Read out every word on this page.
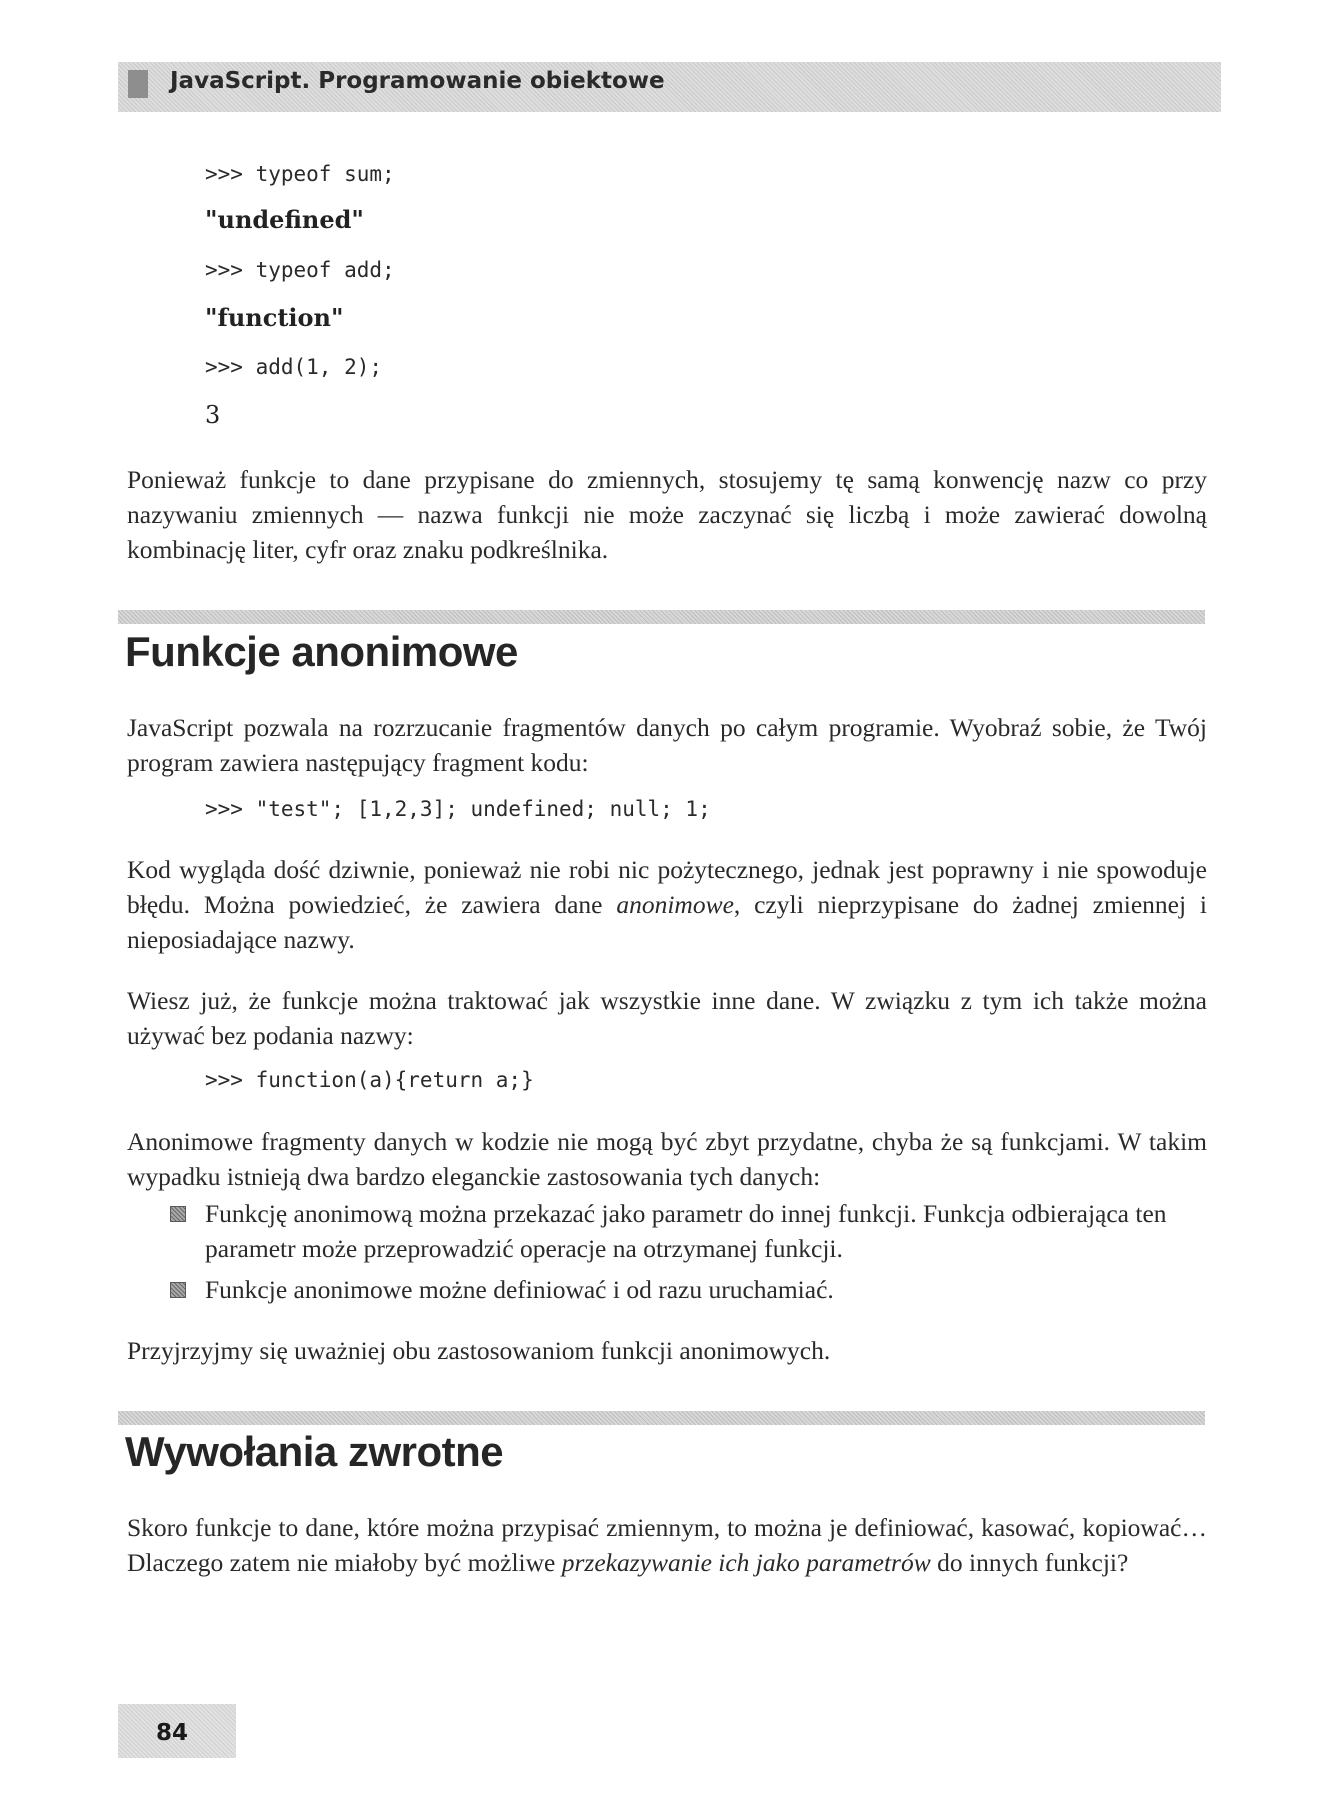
JavaScript. Programowanie obiektowe
>>> typeof sum;
"undefined"
>>> typeof add;
"function"
>>> add(1, 2);
3
Ponieważ funkcje to dane przypisane do zmiennych, stosujemy tę samą konwencję nazw co przy nazywaniu zmiennych — nazwa funkcji nie może zaczynać się liczbą i może zawierać dowolną kombinację liter, cyfr oraz znaku podkreślnika.
Funkcje anonimowe
JavaScript pozwala na rozrzucanie fragmentów danych po całym programie. Wyobraź sobie, że Twój program zawiera następujący fragment kodu:
>>> "test"; [1,2,3]; undefined; null; 1;
Kod wygląda dość dziwnie, ponieważ nie robi nic pożytecznego, jednak jest poprawny i nie spowoduje błędu. Można powiedzieć, że zawiera dane anonimowe, czyli nieprzypisane do żadnej zmiennej i nieposiadające nazwy.
Wiesz już, że funkcje można traktować jak wszystkie inne dane. W związku z tym ich także można używać bez podania nazwy:
>>> function(a){return a;}
Anonimowe fragmenty danych w kodzie nie mogą być zbyt przydatne, chyba że są funkcjami. W takim wypadku istnieją dwa bardzo eleganckie zastosowania tych danych:
Funkcję anonimową można przekazać jako parametr do innej funkcji. Funkcja odbierająca ten parametr może przeprowadzić operacje na otrzymanej funkcji.
Funkcje anonimowe możne definiować i od razu uruchamiać.
Przyjrzyjmy się uważniej obu zastosowaniom funkcji anonimowych.
Wywołania zwrotne
Skoro funkcje to dane, które można przypisać zmiennym, to można je definiować, kasować, kopiować… Dlaczego zatem nie miałoby być możliwe przekazywanie ich jako parametrów do innych funkcji?
84
